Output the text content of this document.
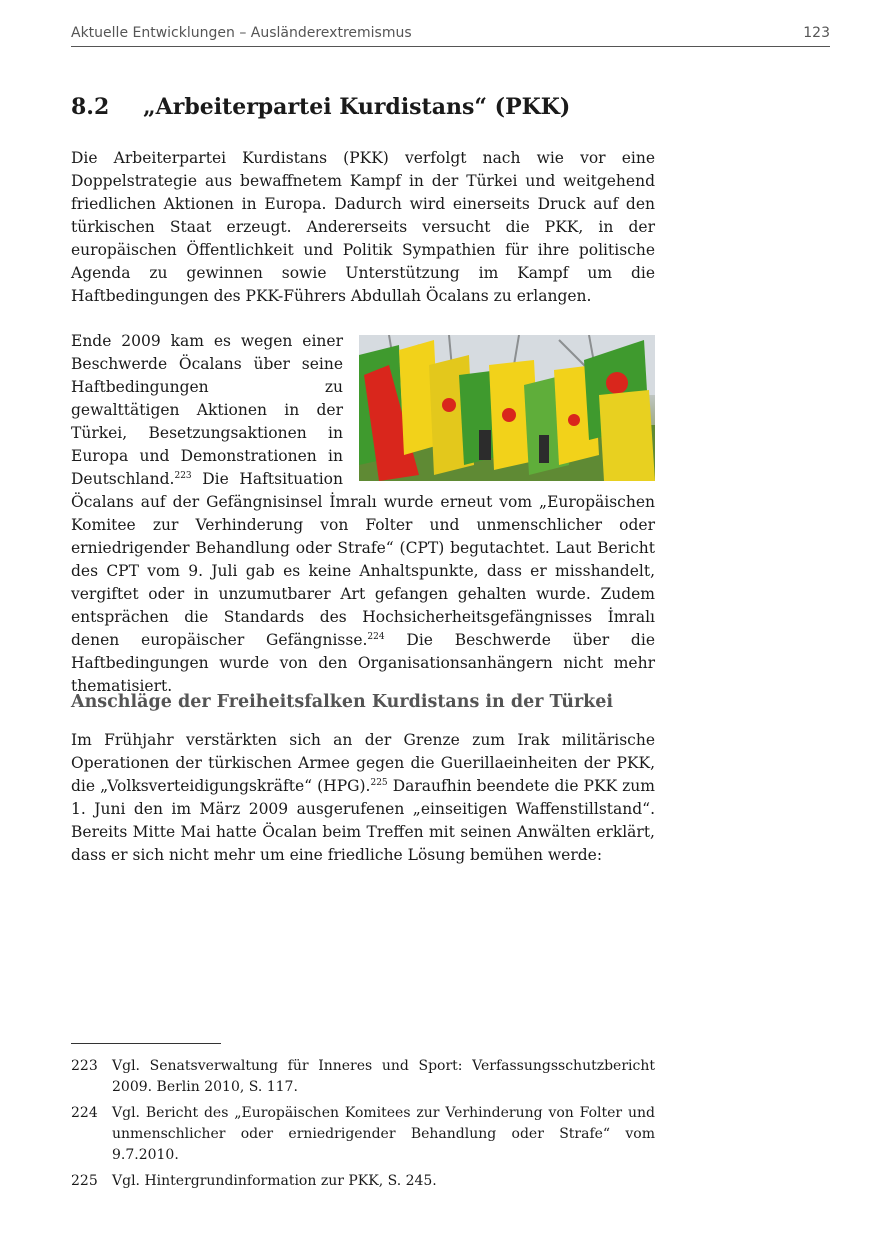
Aktuelle Entwicklungen – Ausländerextremismus	123
8.2 „Arbeiterpartei Kurdistans“ (PKK)

Die Arbeiterpartei Kurdistans (PKK) verfolgt nach wie vor eine Doppelstrategie aus bewaffnetem Kampf in der Türkei und weitgehend friedlichen Aktionen in Europa. Dadurch wird einerseits Druck auf den türkischen Staat erzeugt. Andererseits versucht die PKK, in der europäischen Öffentlichkeit und Politik Sympathien für ihre politische Agenda zu gewinnen sowie Unterstützung im Kampf um die Haftbedingungen des PKK-Führers Abdullah Öcalans zu erlangen.

Ende 2009 kam es wegen einer Beschwerde Öcalans über seine Haftbedingungen zu gewalttätigen Aktionen in der Türkei, Besetzungsaktionen in Europa und Demonstrationen in Deutschland.$^{223}$ Die Haftsituation Öcalans auf der Gefängnisinsel İmralı wurde erneut vom „Europäischen Komitee zur Verhinderung von Folter und unmenschlicher oder erniedrigender Behandlung oder Strafe“ (CPT) begutachtet. Laut Bericht des CPT vom 9. Juli gab es keine Anhaltspunkte, dass er misshandelt, vergiftet oder in unzumutbarer Art gefangen gehalten wurde. Zudem entsprächen die Standards des Hochsicherheitsgefängnisses İmralı denen europäischer Gefängnisse.$^{224}$ Die Beschwerde über die Haftbedingungen wurde von den Organisationsanhängern nicht mehr thematisiert.
Anschläge der Freiheitsfalken Kurdistans in der Türkei
Im Frühjahr verstärkten sich an der Grenze zum Irak militärische Operationen der türkischen Armee gegen die Guerillaeinheiten der PKK, die „Volksverteidigungskräfte“ (HPG).$^{225}$ Daraufhin beendete die PKK zum 1. Juni den im März 2009 ausgerufenen „einseitigen Waffenstillstand“. Bereits Mitte Mai hatte Öcalan beim Treffen mit seinen Anwälten erklärt, dass er sich nicht mehr um eine friedliche Lösung bemühen werde:
223	Vgl. Senatsverwaltung für Inneres und Sport: Verfassungsschutzbericht 2009. Berlin 2010, S. 117.
224	Vgl. Bericht des „Europäischen Komitees zur Verhinderung von Folter und unmenschlicher oder erniedrigender Behandlung oder Strafe“ vom 9.7.2010.
225	Vgl. Hintergrundinformation zur PKK, S. 245.
